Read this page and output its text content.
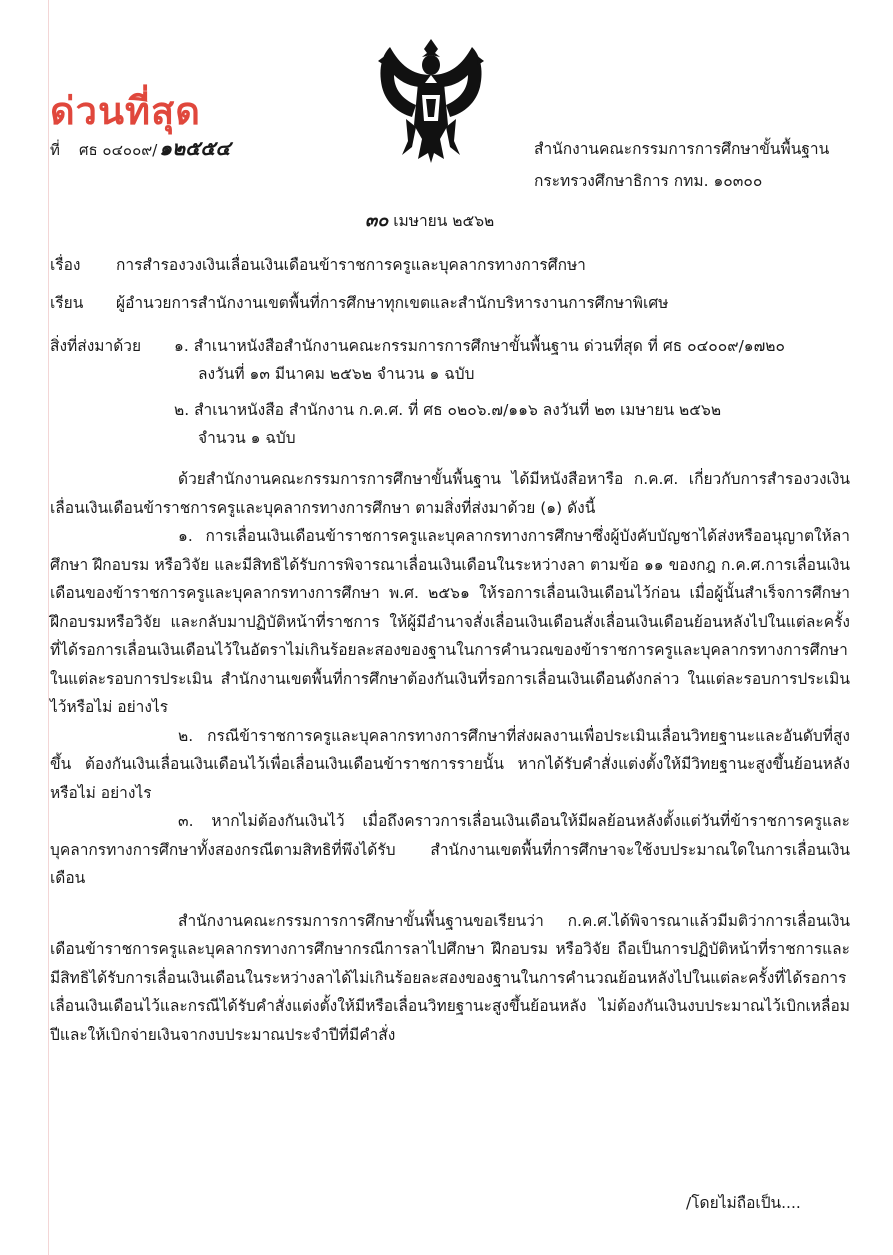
ด่วนที่สุด
ที่ ศธ ๐๔๐๐๙/ ๑๒๕๕๔	สำนักงานคณะกรรมการการศึกษาขั้นพื้นฐาน
กระทรวงศึกษาธิการ กทม. ๑๐๓๐๐
๓๐ เมษายน ๒๕๖๒
เรื่อง การสำรองวงเงินเลื่อนเงินเดือนข้าราชการครูและบุคลากรทางการศึกษา
เรียน ผู้อำนวยการสำนักงานเขตพื้นที่การศึกษาทุกเขตและสำนักบริหารงานการศึกษาพิเศษ
สิ่งที่ส่งมาด้วย ๑. สำเนาหนังสือสำนักงานคณะกรรมการการศึกษาขั้นพื้นฐาน ด่วนที่สุด ที่ ศธ ๐๔๐๐๙/๑๗๒๐
ลงวันที่ ๑๓ มีนาคม ๒๕๖๒ จำนวน ๑ ฉบับ
๒. สำเนาหนังสือ สำนักงาน ก.ค.ศ. ที่ ศธ ๐๒๐๖.๗/๑๑๖ ลงวันที่ ๒๓ เมษายน ๒๕๖๒
จำนวน ๑ ฉบับ

ด้วยสำนักงานคณะกรรมการการศึกษาขั้นพื้นฐาน ได้มีหนังสือหารือ ก.ค.ศ. เกี่ยวกับการสำรองวงเงินเลื่อนเงินเดือนข้าราชการครูและบุคลากรทางการศึกษา ตามสิ่งที่ส่งมาด้วย (๑) ดังนี้

๑. การเลื่อนเงินเดือนข้าราชการครูและบุคลากรทางการศึกษาซึ่งผู้บังคับบัญชาได้ส่งหรืออนุญาตให้ลาศึกษา ฝึกอบรม หรือวิจัย และมีสิทธิได้รับการพิจารณาเลื่อนเงินเดือนในระหว่างลา ตามข้อ ๑๑ ของกฎ ก.ค.ศ.การเลื่อนเงินเดือนของข้าราชการครูและบุคลากรทางการศึกษา พ.ศ. ๒๕๖๑ ให้รอการเลื่อนเงินเดือนไว้ก่อน เมื่อผู้นั้นสำเร็จการศึกษา ฝึกอบรมหรือวิจัย และกลับมาปฏิบัติหน้าที่ราชการ ให้ผู้มีอำนาจสั่งเลื่อนเงินเดือนสั่งเลื่อนเงินเดือนย้อนหลังไปในแต่ละครั้งที่ได้รอการเลื่อนเงินเดือนไว้ในอัตราไม่เกินร้อยละสองของฐานในการคำนวณของข้าราชการครูและบุคลากรทางการศึกษาในแต่ละรอบการประเมิน สำนักงานเขตพื้นที่การศึกษาต้องกันเงินที่รอการเลื่อนเงินเดือนดังกล่าว ในแต่ละรอบการประเมินไว้หรือไม่ อย่างไร

๒. กรณีข้าราชการครูและบุคลากรทางการศึกษาที่ส่งผลงานเพื่อประเมินเลื่อนวิทยฐานะและอันดับที่สูงขึ้น ต้องกันเงินเลื่อนเงินเดือนไว้เพื่อเลื่อนเงินเดือนข้าราชการรายนั้น หากได้รับคำสั่งแต่งตั้งให้มีวิทยฐานะสูงขึ้นย้อนหลังหรือไม่ อย่างไร

๓. หากไม่ต้องกันเงินไว้ เมื่อถึงคราวการเลื่อนเงินเดือนให้มีผลย้อนหลังตั้งแต่วันที่ข้าราชการครูและบุคลากรทางการศึกษาทั้งสองกรณีตามสิทธิที่พึงได้รับ สำนักงานเขตพื้นที่การศึกษาจะใช้งบประมาณใดในการเลื่อนเงินเดือน

สำนักงานคณะกรรมการการศึกษาขั้นพื้นฐานขอเรียนว่า ก.ค.ศ.ได้พิจารณาแล้วมีมติว่าการเลื่อนเงินเดือนข้าราชการครูและบุคลากรทางการศึกษากรณีการลาไปศึกษา ฝึกอบรม หรือวิจัย ถือเป็นการปฏิบัติหน้าที่ราชการและมีสิทธิได้รับการเลื่อนเงินเดือนในระหว่างลาได้ไม่เกินร้อยละสองของฐานในการคำนวณย้อนหลังไปในแต่ละครั้งที่ได้รอการเลื่อนเงินเดือนไว้และกรณีได้รับคำสั่งแต่งตั้งให้มีหรือเลื่อนวิทยฐานะสูงขึ้นย้อนหลัง ไม่ต้องกันเงินงบประมาณไว้เบิกเหลื่อมปีและให้เบิกจ่ายเงินจากงบประมาณประจำปีที่มีคำสั่ง

/โดยไม่ถือเป็น....
